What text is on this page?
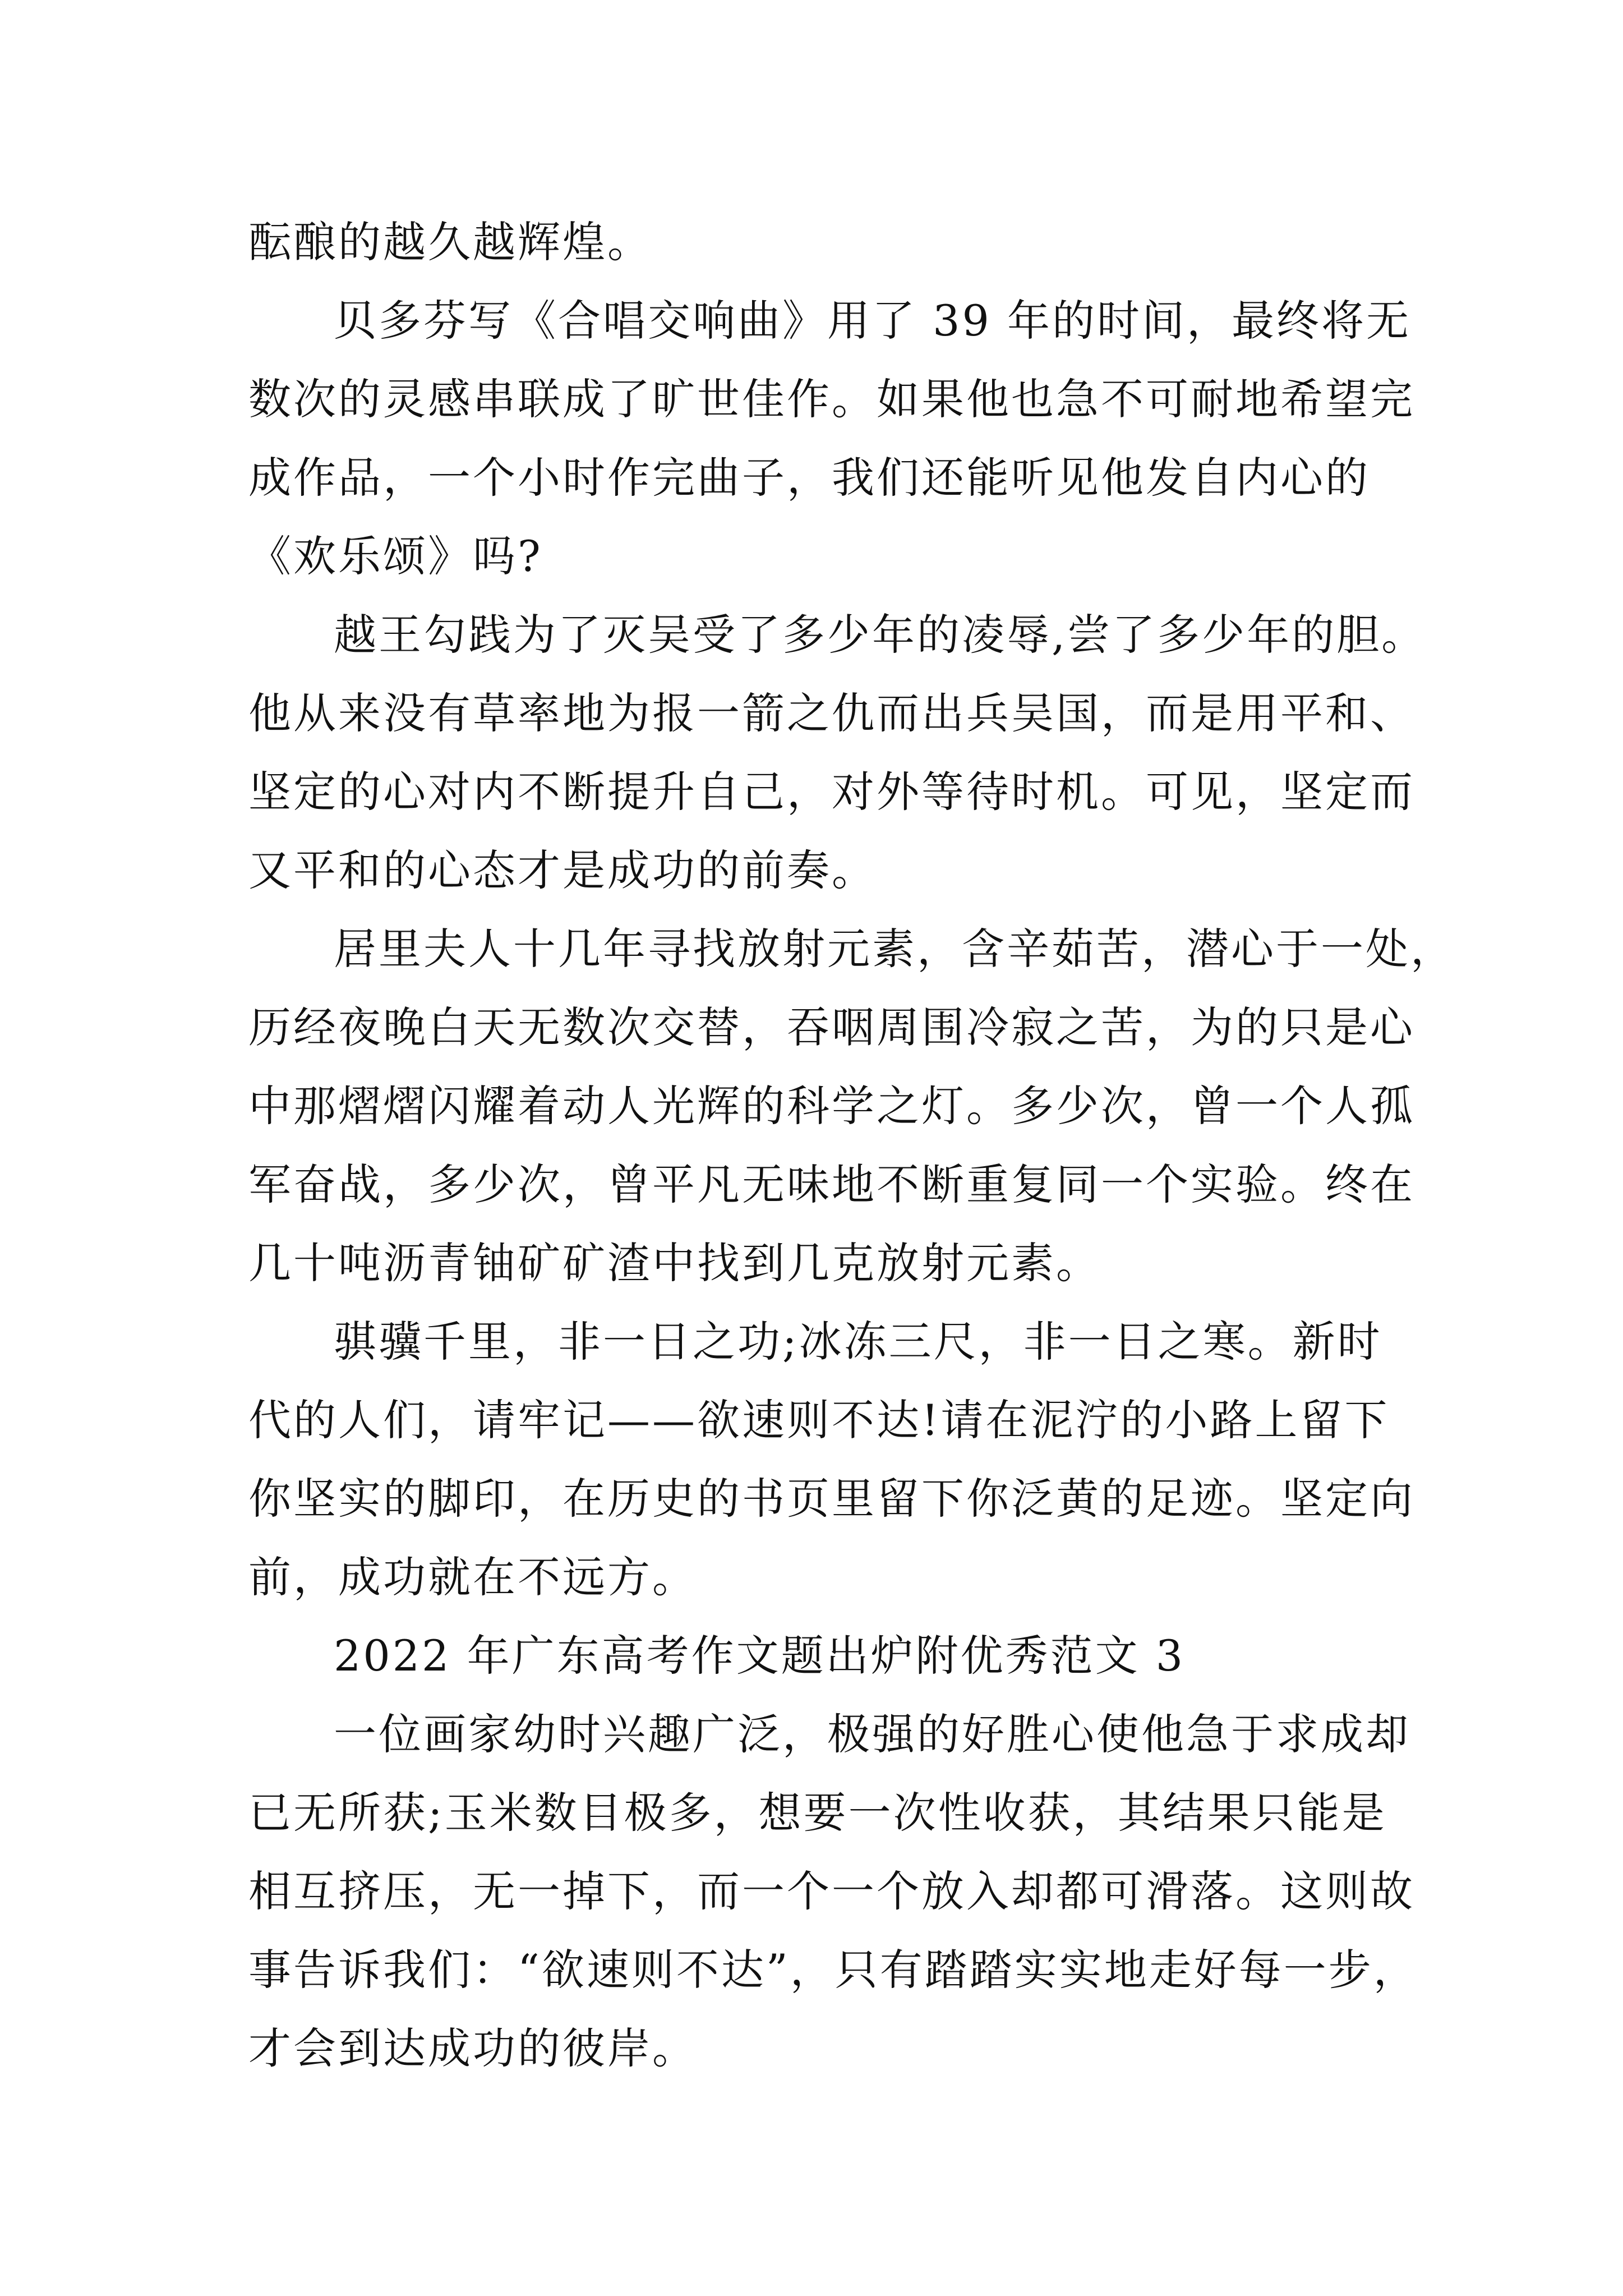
酝酿的越久越辉煌。
贝多芬写《合唱交响曲》用了 39 年的时间，最终将无
数次的灵感串联成了旷世佳作。如果他也急不可耐地希望完
成作品，一个小时作完曲子，我们还能听见他发自内心的
《欢乐颂》吗?
越王勾践为了灭吴受了多少年的凌辱,尝了多少年的胆。
他从来没有草率地为报一箭之仇而出兵吴国，而是用平和、
坚定的心对内不断提升自己，对外等待时机。可见，坚定而
又平和的心态才是成功的前奏。
居里夫人十几年寻找放射元素，含辛茹苦，潜心于一处，
历经夜晚白天无数次交替，吞咽周围冷寂之苦，为的只是心
中那熠熠闪耀着动人光辉的科学之灯。多少次，曾一个人孤
军奋战，多少次，曾平凡无味地不断重复同一个实验。终在
几十吨沥青铀矿矿渣中找到几克放射元素。
骐骥千里，非一日之功;冰冻三尺，非一日之寒。新时
代的人们，请牢记——欲速则不达!请在泥泞的小路上留下
你坚实的脚印，在历史的书页里留下你泛黄的足迹。坚定向
前，成功就在不远方。
2022 年广东高考作文题出炉附优秀范文 3
一位画家幼时兴趣广泛，极强的好胜心使他急于求成却
已无所获;玉米数目极多，想要一次性收获，其结果只能是
相互挤压，无一掉下，而一个一个放入却都可滑落。这则故
事告诉我们：“欲速则不达”，只有踏踏实实地走好每一步，
才会到达成功的彼岸。
